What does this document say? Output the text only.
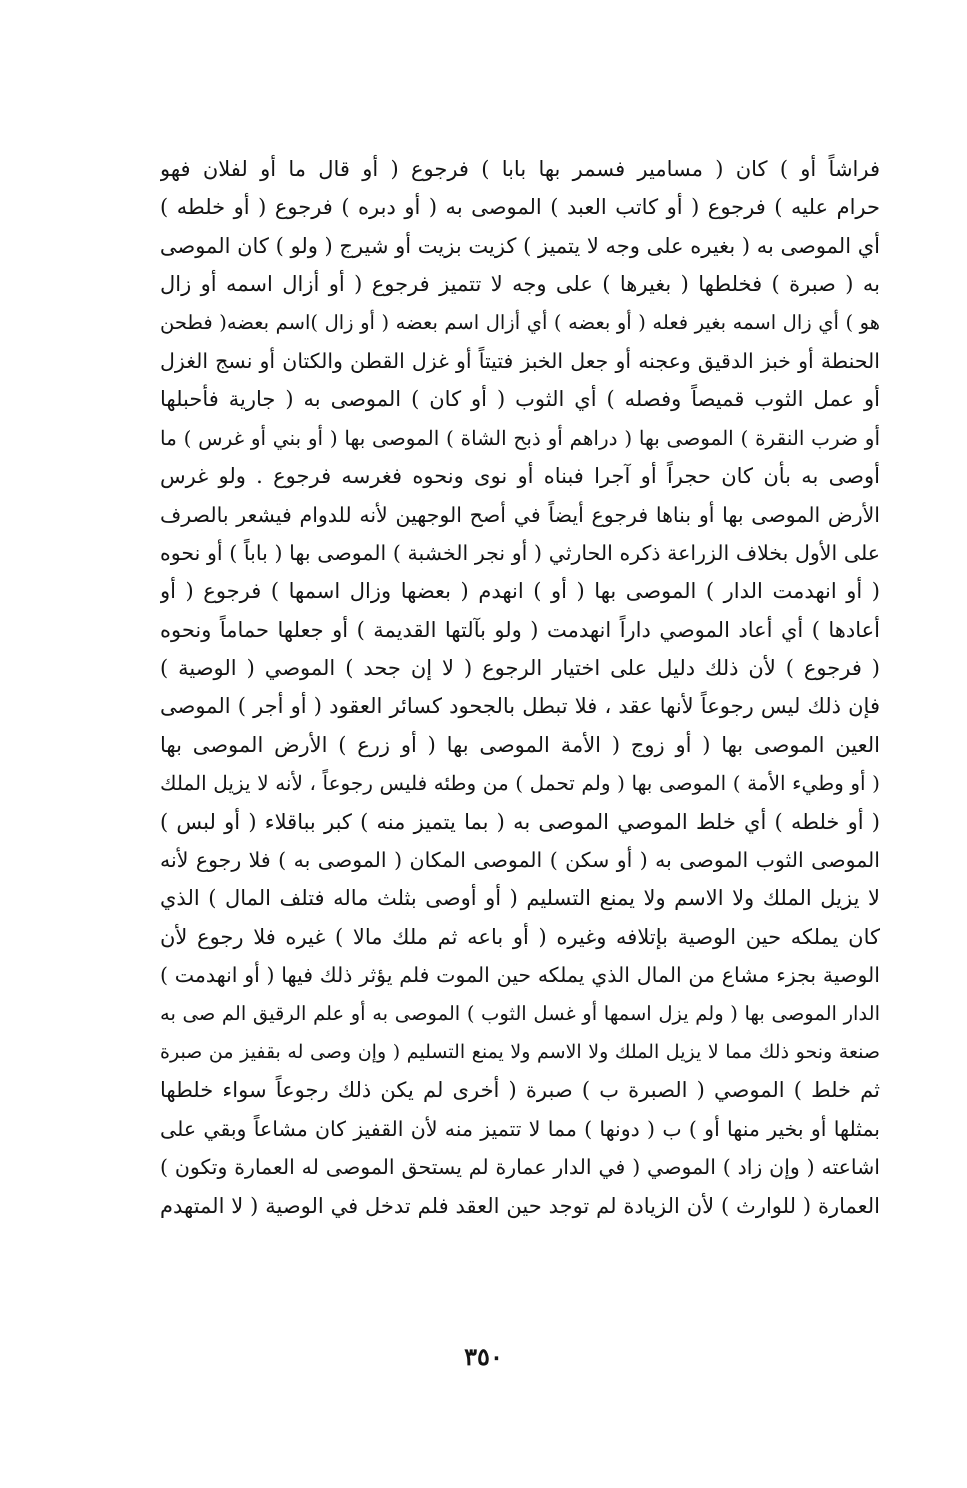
فراشاً أو ) كان ( مسامير فسمر بها بابا ) فرجوع ( أو قال ما أو لفلان فهو
حرام عليه ) فرجوع ( أو كاتب العبد ) الموصى به ( أو دبره ) فرجوع ( أو خلطه )
أي الموصى به ( بغيره على وجه لا يتميز ) كزيت بزيت أو شيرج ( ولو ) كان الموصى
به ( صبرة ) فخلطها ( بغيرها ) على وجه لا تتميز فرجوع ( أو أزال اسمه أو زال
هو ) أي زال اسمه بغير فعله ( أو بعضه ) أي أزال اسم بعضه ( أو زال )اسم بعضه( فطحن
الحنطة أو خبز الدقيق وعجنه أو جعل الخبز فتيتاً أو غزل القطن والكتان أو نسج الغزل
أو عمل الثوب قميصاً وفصله ) أي الثوب ( أو كان ) الموصى به ( جارية فأحبلها
أو ضرب النقرة ) الموصى بها ( دراهم أو ذبح الشاة ) الموصى بها ( أو بني أو غرس ) ما
أوصى به بأن كان حجراً أو آجرا فبناه أو نوى ونحوه فغرسه فرجوع . ولو غرس
الأرض الموصى بها أو بناها فرجوع أيضاً في أصح الوجهين لأنه للدوام فيشعر بالصرف
على الأول بخلاف الزراعة ذكره الحارثي ( أو نجر الخشبة ) الموصى بها ( باباً ) أو نحوه
( أو انهدمت الدار ) الموصى بها ( أو ) انهدم ( بعضها وزال اسمها ) فرجوع ( أو
أعادها ) أي أعاد الموصي داراً انهدمت ( ولو بآلتها القديمة ) أو جعلها حماماً ونحوه
( فرجوع ) لأن ذلك دليل على اختيار الرجوع ( لا إن جحد ) الموصي ( الوصية )
فإن ذلك ليس رجوعاً لأنها عقد ، فلا تبطل بالجحود كسائر العقود ( أو أجر ) الموصى
العين الموصى بها ( أو زوج ( الأمة الموصى بها ( أو زرع ) الأرض الموصى بها
( أو وطيء الأمة ) الموصى بها ( ولم تحمل ) من وطئه فليس رجوعاً ، لأنه لا يزيل الملك
( أو خلطه ) أي خلط الموصي الموصى به ( بما يتميز منه ) كبر بباقلاء ( أو لبس )
الموصى الثوب الموصى به ( أو سكن ) الموصى المكان ( الموصى به ) فلا رجوع لأنه
لا يزيل الملك ولا الاسم ولا يمنع التسليم ( أو أوصى بثلث ماله فتلف المال ) الذي
كان يملكه حين الوصية بإتلافه وغيره ( أو باعه ثم ملك مالا ) غيره فلا رجوع لأن
الوصية بجزء مشاع من المال الذي يملكه حين الموت فلم يؤثر ذلك فيها ( أو انهدمت )
الدار الموصى بها ( ولم يزل اسمها أو غسل الثوب ) الموصى به أو علم الرقيق الم صى به
صنعة ونحو ذلك مما لا يزيل الملك ولا الاسم ولا يمنع التسليم ( وإن وصى له بقفيز من صبرة
ثم خلط ) الموصي ( الصبرة ب ) صبرة ( أخرى لم يكن ذلك رجوعاً سواء خلطها
بمثلها أو بخير منها أو ) ب ( دونها ) مما لا تتميز منه لأن القفيز كان مشاعاً وبقي على
اشاعته ( وإن زاد ) الموصي ( في الدار عمارة لم يستحق الموصى له العمارة وتكون )
العمارة ( للوارث ) لأن الزيادة لم توجد حين العقد فلم تدخل في الوصية ( لا المتهدم
٣٥٠
